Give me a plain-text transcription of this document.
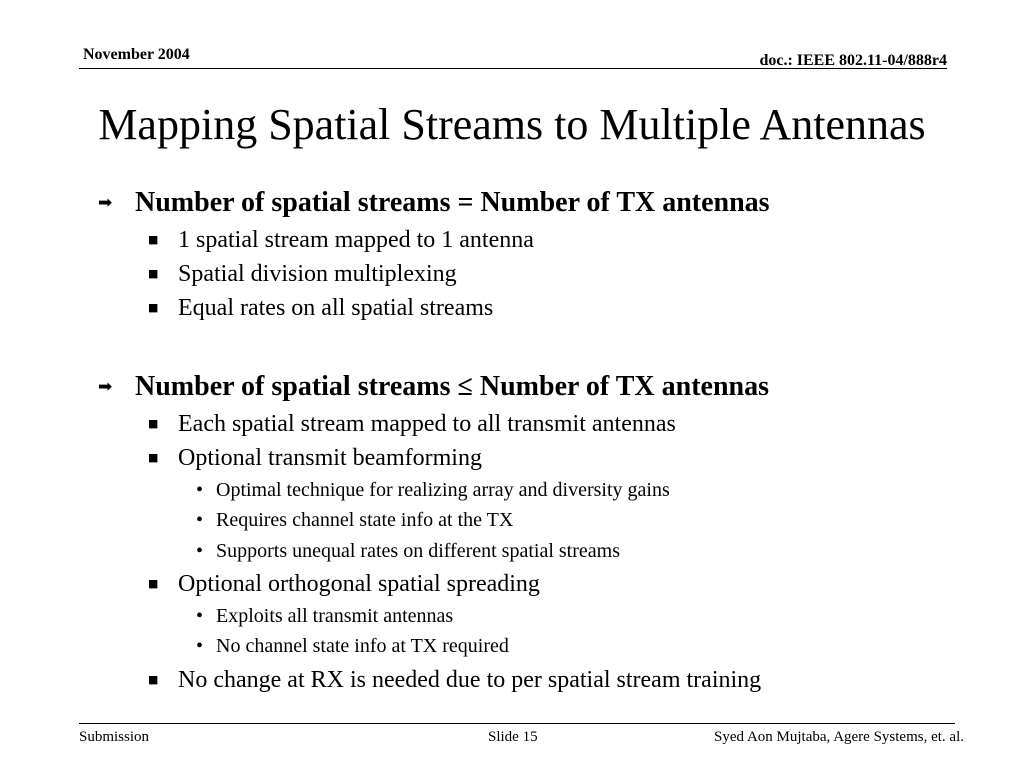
November 2004	doc.: IEEE 802.11-04/888r4
Mapping Spatial Streams to Multiple Antennas
➡ Number of spatial streams = Number of TX antennas
■ 1 spatial stream mapped to 1 antenna
■ Spatial division multiplexing
■ Equal rates on all spatial streams
➡ Number of spatial streams ≤ Number of TX antennas
■ Each spatial stream mapped to all transmit antennas
■ Optional transmit beamforming
• Optimal technique for realizing array and diversity gains
• Requires channel state info at the TX
• Supports unequal rates on different spatial streams
■ Optional orthogonal spatial spreading
• Exploits all transmit antennas
• No channel state info at TX required
■ No change at RX is needed due to per spatial stream training
Submission	Slide 15	Syed Aon Mujtaba, Agere Systems, et. al.
